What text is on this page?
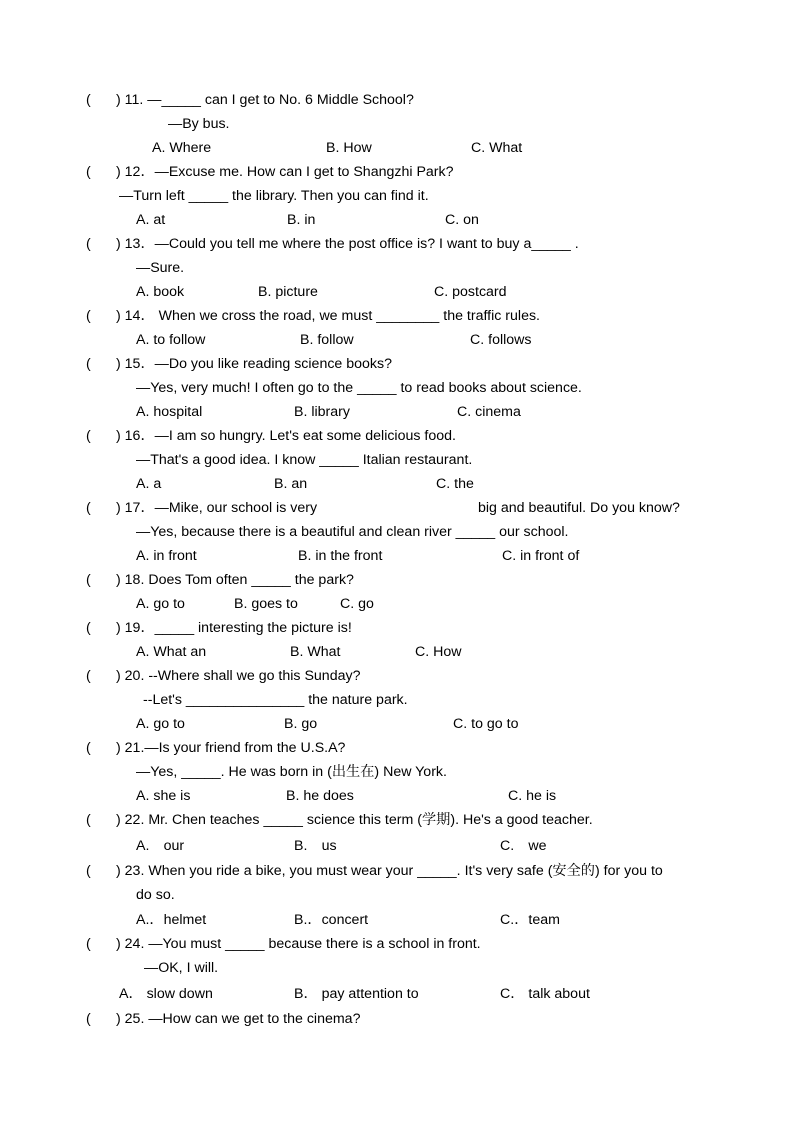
( ) 11. —_____ can I get to No. 6 Middle School?
—By bus.
A. Where	B. How	C. What
( ) 12．—Excuse me. How can I get to Shangzhi Park?
—Turn left _____ the library. Then you can find it.
A. at	B. in	C. on
( ) 13．—Could you tell me where the post office is? I want to buy a_____ .
—Sure.
A. book	B. picture	C. postcard
( ) 14． When we cross the road, we must ________ the traffic rules.
A. to follow	B. follow	C. follows
( ) 15．—Do you like reading science books?
—Yes, very much! I often go to the _____ to read books about science.
A. hospital	B. library	C. cinema
( ) 16．—I am so hungry. Let's eat some delicious food.
—That's a good idea. I know _____ Italian restaurant.
A. a	B. an	C. the
( ) 17．—Mike, our school is very	big and beautiful. Do you know?
—Yes, because there is a beautiful and clean river _____ our school.
A. in front	B. in the front	C. in front of
( ) 18. Does Tom often _____ the park?
A. go to	B. goes to	C. go
( ) 19．_____ interesting the picture is!
A. What an	B. What	C. How
( ) 20. --Where shall we go this Sunday?
--Let's _______________ the nature park.
A. go to	B. go	C. to go to
( ) 21.—Is your friend from the U.S.A?
—Yes, _____. He was born in (出生在) New York.
A. she is	B. he does	C. he is
( ) 22. Mr. Chen teaches _____ science this term (学期). He's a good teacher.
A.　our	B.　us	C.　we
( ) 23. When you ride a bike, you must wear your _____. It's very safe (安全的) for you to
do so.
A.．helmet	B.．concert	C.．team
( ) 24. —You must _____ because there is a school in front.
—OK, I will.
A． slow down	B． pay attention to	C． talk about
( ) 25. —How can we get to the cinema?
